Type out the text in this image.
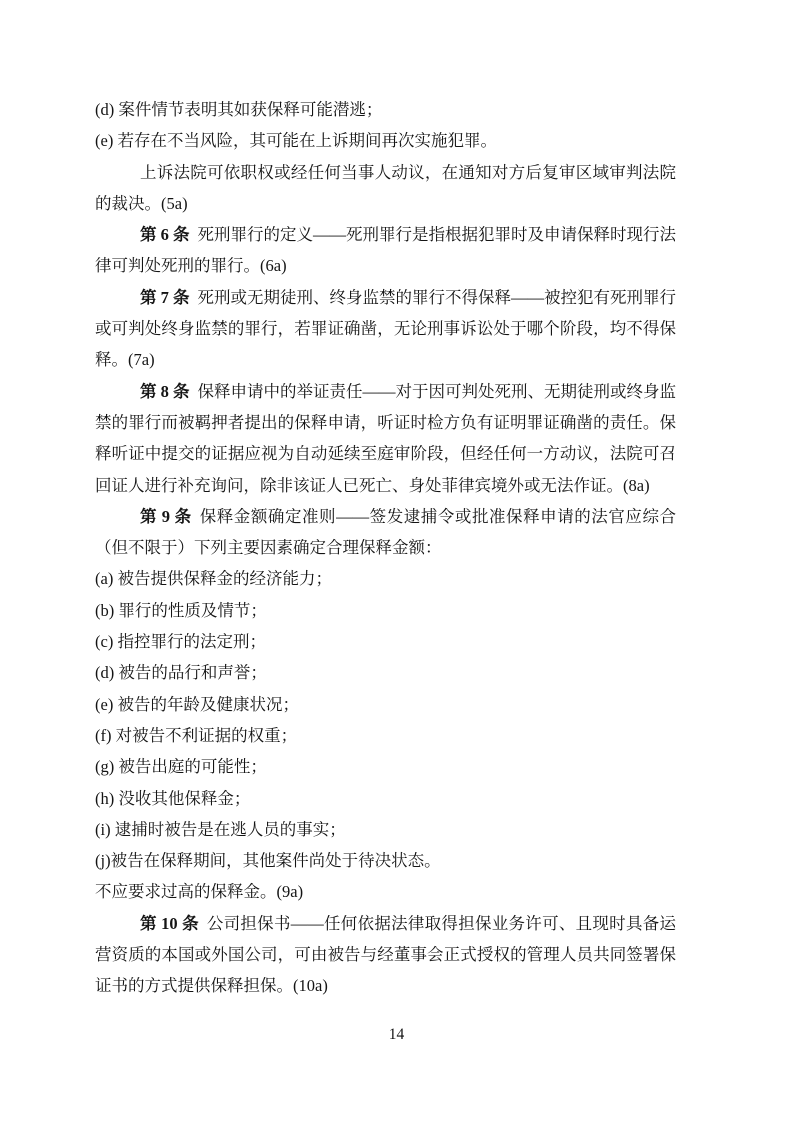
(d) 案件情节表明其如获保释可能潜逃；

(e) 若存在不当风险，其可能在上诉期间再次实施犯罪。

上诉法院可依职权或经任何当事人动议，在通知对方后复审区域审判法院的裁决。(5a)

第 6 条 死刑罪行的定义——死刑罪行是指根据犯罪时及申请保释时现行法律可判处死刑的罪行。(6a)

第 7 条 死刑或无期徒刑、终身监禁的罪行不得保释——被控犯有死刑罪行或可判处终身监禁的罪行，若罪证确凿，无论刑事诉讼处于哪个阶段，均不得保释。(7a)

第 8 条 保释申请中的举证责任——对于因可判处死刑、无期徒刑或终身监禁的罪行而被羁押者提出的保释申请，听证时检方负有证明罪证确凿的责任。保释听证中提交的证据应视为自动延续至庭审阶段，但经任何一方动议，法院可召回证人进行补充询问，除非该证人已死亡、身处菲律宾境外或无法作证。(8a)

第 9 条 保释金额确定准则——签发逮捕令或批准保释申请的法官应综合（但不限于）下列主要因素确定合理保释金额：

(a) 被告提供保释金的经济能力；

(b) 罪行的性质及情节；

(c) 指控罪行的法定刑；

(d) 被告的品行和声誉；

(e) 被告的年龄及健康状况；

(f) 对被告不利证据的权重；

(g) 被告出庭的可能性；

(h) 没收其他保释金；

(i) 逮捕时被告是在逃人员的事实；

(j)被告在保释期间，其他案件尚处于待决状态。

不应要求过高的保释金。(9a)

第 10 条 公司担保书——任何依据法律取得担保业务许可、且现时具备运营资质的本国或外国公司，可由被告与经董事会正式授权的管理人员共同签署保证书的方式提供保释担保。(10a)

14
